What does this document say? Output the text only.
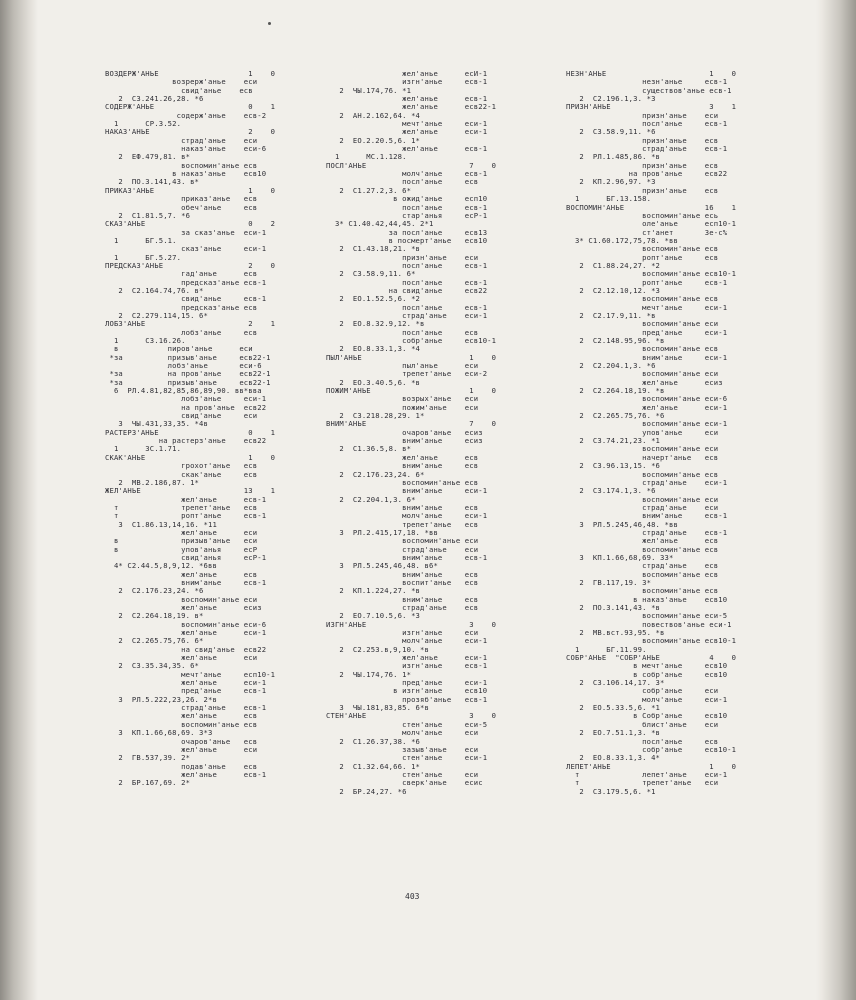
ВОЗДЕРЖ'АНЬЕ                    1    0
возрерж'анье    еси
свид'анье    есв
2  С3.241.26,28. *6
СОДЕРЖ'АНЬЕ                     0    1
содерж'анье    есв-2
1      СР.3.52.
НАКАЗ'АНЬЕ                      2    0
страд'анье    еси
наказ'анье    еси-6
2  ЕФ.479,81. в*
воспомин'анье есв
в наказ'анье    есв10
2  ПО.3.141,43. в*
ПРИКАЗ'АНЬЕ                     1    0
приказ'анье   есв
обеч'анье     есв
2  С1.81.5,7. *6
СКАЗ'АНЬЕ                       0    2
за сказ'анье  еси-1
1      БГ.5.1.
сказ'анье     еси-1
1      БГ.5.27.
ПРЕДСКАЗ'АНЬЕ                   2    0
гад'анье      есв
предсказ'анье есв-1
2  С2.164.74,76. в*
свид'анье     есв-1
предсказ'анье есв
2  С2.279.114,15. 6*
ЛОБЗ'АНЬЕ                       2    1
лобз'анье     есв
1      С3.16.26.
в           пиров'анье      еси
*за          призыв'анье     есв22-1
лобз'анье       еси-6
*за          на пров'анье    есв22-1
*за          призыв'анье     есв22-1
6  РЛ.4.81,82,85,86,89,90. вв*вва
лобз'анье     еси-1
на пров'анье  есв22
свид'анье     еси
3  ЧЫ.431,33,35. *4в
РАСТЕРЗ'АНЬЕ                    0    1
на растерз'анье    есв22
1      ЗС.1.71.
СКАК'АНЬЕ                       1    0
грохот'анье   есв
скак'анье     есв
2  МВ.2.186,87. 1*
ЖЕЛ'АНЬЕ                       13    1
жел'анье      есв-1
т              трепет'анье   есв
т              ропт'анье     есв-1
3  С1.86.13,14,16. *11
жел'анье      еси
в              призыв'анье   еси
в              упов'анья     есР
свид'анья     есР-1
4* С2.44.5,8,9,12. *6вв
жел'анье      есв
вним'анье     есв-1
2  С2.176.23,24. *6
воспомин'анье еси
жел'анье      есиз
2  С2.264.18,19. в*
воспомин'анье еси-6
жел'анье      еси-1
2  С2.265.75,76. 6*
на свид'анье  есв22
жел'анье      еси
2  С3.35.34,35. 6*
мечт'анье     есп10-1
жел'анье      еси-1
пред'анье     есв-1
3  РЛ.5.222,23,26. 2*в
страд'анье    есв-1
жел'анье      есв
воспомин'анье есв
3  КП.1.66,68,69. 3*3
очаров'анье   есв
жел'анье      еси
2  ГВ.537,39. 2*
подав'анье    есв
жел'анье      есв-1
2  БР.167,69. 2*
жел'анье      есИ-1
изгн'анье     есв-1
2  ЧЫ.174,76. *1
жел'анье      есв-1
жел'анье      есв22-1
2  АН.2.162,64. *4
мечт'анье     еси-1
жел'анье      еси-1
2  ЕО.2.20.5,6. 1*
жел'анье      есв-1
1      МС.1.128.
ПОСЛ'АНЬЕ                       7    0
молч'анье     есв-1
посл'анье     есв
2  С1.27.2,3. 6*
в ожид'анье     есп10
посл'анье     есв-1
стар'анья     есР-1
3* С1.40.42,44,45. 2*1
за посл'анье     есв13
в посмерт'анье   есв10
2  С1.43.18,21. *в
призн'анье    еси
посл'анье     есв-1
2  С3.58.9,11. 6*
посл'анье     есв-1
на свид'анье     есв22
2  ЕО.1.52.5,6. *2
посл'анье     есв-1
страд'анье    еси-1
2  ЕО.8.32.9,12. *в
посл'анье     есв
собр'анье     есв10-1
2  ЕО.8.33.1,3. *4
ПЫЛ'АНЬЕ                        1    0
пыл'анье      еси
трепет'анье   еси-2
2  ЕО.3.40.5,6. *в
ПОЖИМ'АНЬЕ                      1    0
возрых'анье   еси
пожим'анье    еси
2  С3.218.28,29. 1*
ВНИМ'АНЬЕ                       7    0
очаров'анье   есиз
вним'анье     есиз
2  С1.36.5,8. в*
жел'анье      есв
вним'анье     есв
2  С2.176.23,24. 6*
воспомин'анье есв
вним'анье     еси-1
2  С2.204.1,3. 6*
вним'анье     есв
молч'анье     еси-1
трепет'анье   есв
3  РЛ.2.415,17,18. *вв
воспомин'анье еси
страд'анье    еси
вним'анье     есв-1
3  РЛ.5.245,46,48. в6*
вним'анье     есв
воспит'анье   есв
2  КП.1.224,27. *в
вним'анье     есв
страд'анье    есв
2  ЕО.7.10.5,6. *3
ИЗГН'АНЬЕ                       3    0
изгн'анье     еси
молч'анье     еси-1
2  С2.253.в,9,10. *в
жел'анье      еси-1
изгн'анье     есв-1
2  ЧЫ.174,76. 1*
пред'анье     еси-1
в изгн'анье     есв10
прозяб'анье   есв-1
3  ЧЫ.181,83,85. 6*в
СТЕН'АНЬЕ                       3    0
стен'анье     еси-5
молч'анье     еси
2  С1.26.37,38. *6
зазыв'анье    еси
стен'анье     еси-1
2  С1.32.64,66. 1*
стен'анье     еси
сверк'анье    есис
2  БР.24,27. *6
НЕЗН'АНЬЕ                       1    0
незн'анье     есв-1
существов'анье есв-1
2  С2.196.1,3. *3
ПРИЗН'АНЬЕ                      3    1
призн'анье    еси
посл'анье     есв-1
2  С3.58.9,11. *6
призн'анье    есв
страд'анье    есв-1
2  РЛ.1.485,86. *в
призн'анье    есв
на пров'анье     есв22
2  КП.2.96,97. *3
призн'анье    есв
1      БГ.13.158.
ВОСПОМИН'АНЬЕ                  16    1
воспомин'анье есь
оле'анье      есп10-1
ст'анет       Зе-с%
3* С1.60.172,75,78. *вв
воспомин'анье есв
ропт'анье     есв
2  С1.88.24,27. *2
воспомин'анье есв10-1
ропт'анье     есв-1
2  С2.12.10,12. *3
воспомин'анье есв
мечт'анье     еси-1
2  С2.17.9,11. *в
воспомин'анье еси
пред'анье     еси-1
2  С2.148.95,96. *в
воспомин'анье есв
вним'анье     еси-1
2  С2.204.1,3. *6
воспомин'анье еси
жел'анье      есиз
2  С2.264.18,19. *в
воспомин'анье еси-6
жел'анье      еси-1
2  С2.265.75,76. *6
воспомин'анье еси-1
упов'анье     еси
2  С3.74.21,23. *1
воспомин'анье еси
начерт'анье   есв
2  С3.96.13,15. *6
воспомин'анье есв
страд'анье    еси-1
2  С3.174.1,3. *6
воспомин'анье еси
страд'анье    еси
вним'анье     есв-1
3  РЛ.5.245,46,48. *вв
страд'анье    есв-1
жел'анье      есв
воспомин'анье есв
3  КП.1.66,68,69. 33*
страд'анье    есв
воспомин'анье есв
2  ГВ.117,19. 3*
воспомин'анье есв
в наказ'анье    есв10
2  ПО.3.141,43. *в
воспомин'анье еси-5
повествов'анье еси-1
2  МВ.вст.93,95. *в
воспомин'анье есв10-1
1      БГ.11.99.
СОБР'АНЬЕ  "СОБР'АНЬЕ           4    0
в мечт'анье     есв10
в собр'анье     есв10
2  С3.106.14,17. 3*
собр'анье     еси
молч'анье     еси-1
2  ЕО.5.33.5,6. *1
в Собр'анье     есв10
блист'анье    еси
2  ЕО.7.51.1,3. *в
посл'анье     есв
собр'анье     есв10-1
2  ЕО.8.33.1,3. 4*
ЛЕПЕТ'АНЬЕ                      1    0
т              лепет'анье    еси-1
т              трепет'анье   еси
2  С3.179.5,6. *1
403
